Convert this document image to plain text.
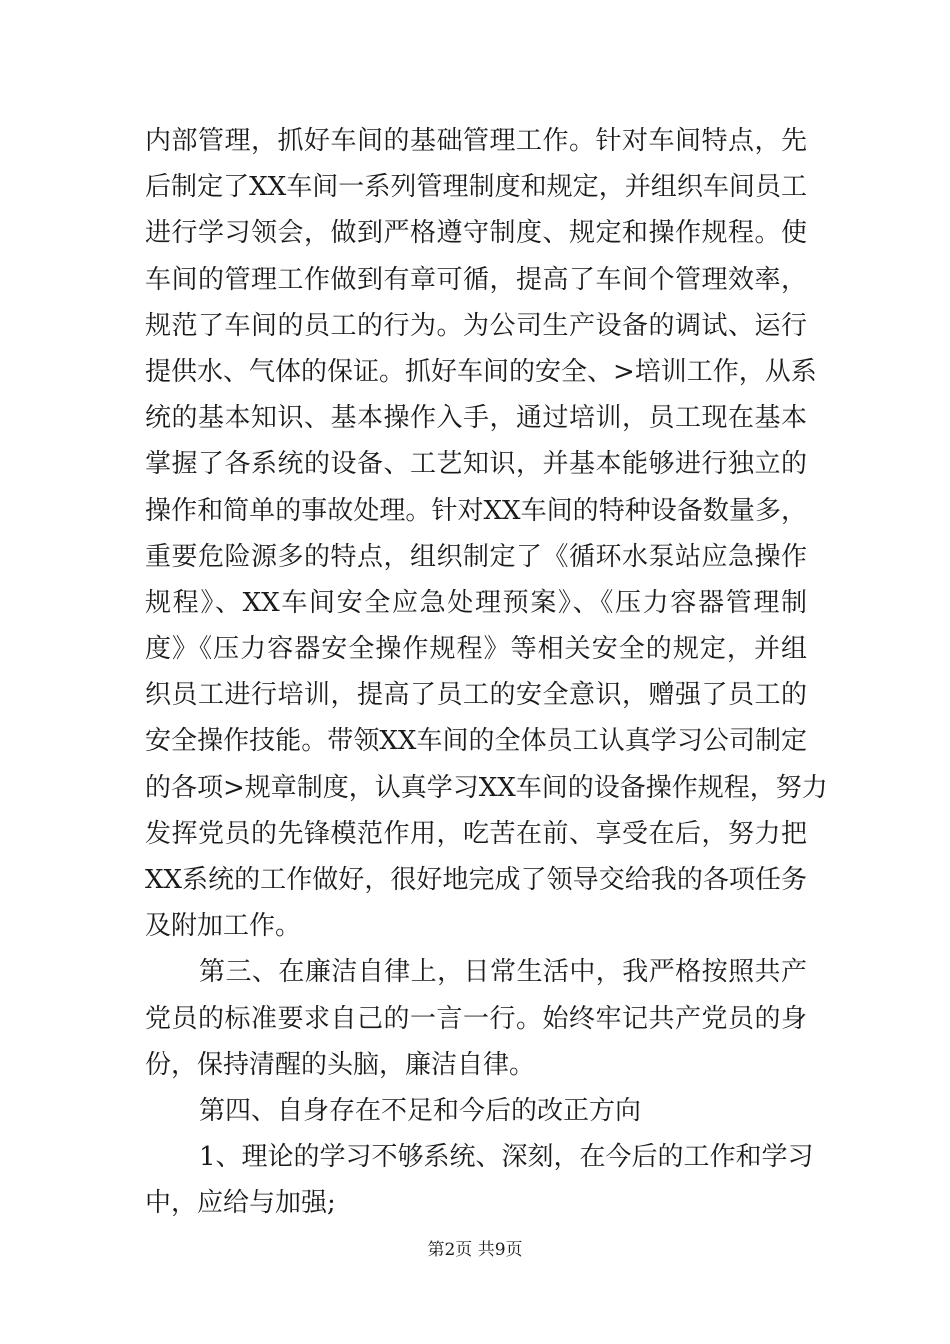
内部管理，抓好车间的基础管理工作。针对车间特点，先
后制定了XX车间一系列管理制度和规定，并组织车间员工
进行学习领会，做到严格遵守制度、规定和操作规程。使
车间的管理工作做到有章可循，提高了车间个管理效率，
规范了车间的员工的行为。为公司生产设备的调试、运行
提供水、气体的保证。抓好车间的安全、>培训工作，从系
统的基本知识、基本操作入手，通过培训，员工现在基本
掌握了各系统的设备、工艺知识，并基本能够进行独立的
操作和简单的事故处理。针对XX车间的特种设备数量多，
重要危险源多的特点，组织制定了《循环水泵站应急操作
规程》、XX车间安全应急处理预案》、《压力容器管理制
度》《压力容器安全操作规程》等相关安全的规定，并组
织员工进行培训，提高了员工的安全意识，赠强了员工的
安全操作技能。带领XX车间的全体员工认真学习公司制定
的各项>规章制度，认真学习XX车间的设备操作规程，努力
发挥党员的先锋模范作用，吃苦在前、享受在后，努力把
XX系统的工作做好，很好地完成了领导交给我的各项任务
及附加工作。
第三、在廉洁自律上，日常生活中，我严格按照共产
党员的标准要求自己的一言一行。始终牢记共产党员的身
份，保持清醒的头脑，廉洁自律。
第四、自身存在不足和今后的改正方向
1、理论的学习不够系统、深刻，在今后的工作和学习
中，应给与加强;
第2页 共9页
